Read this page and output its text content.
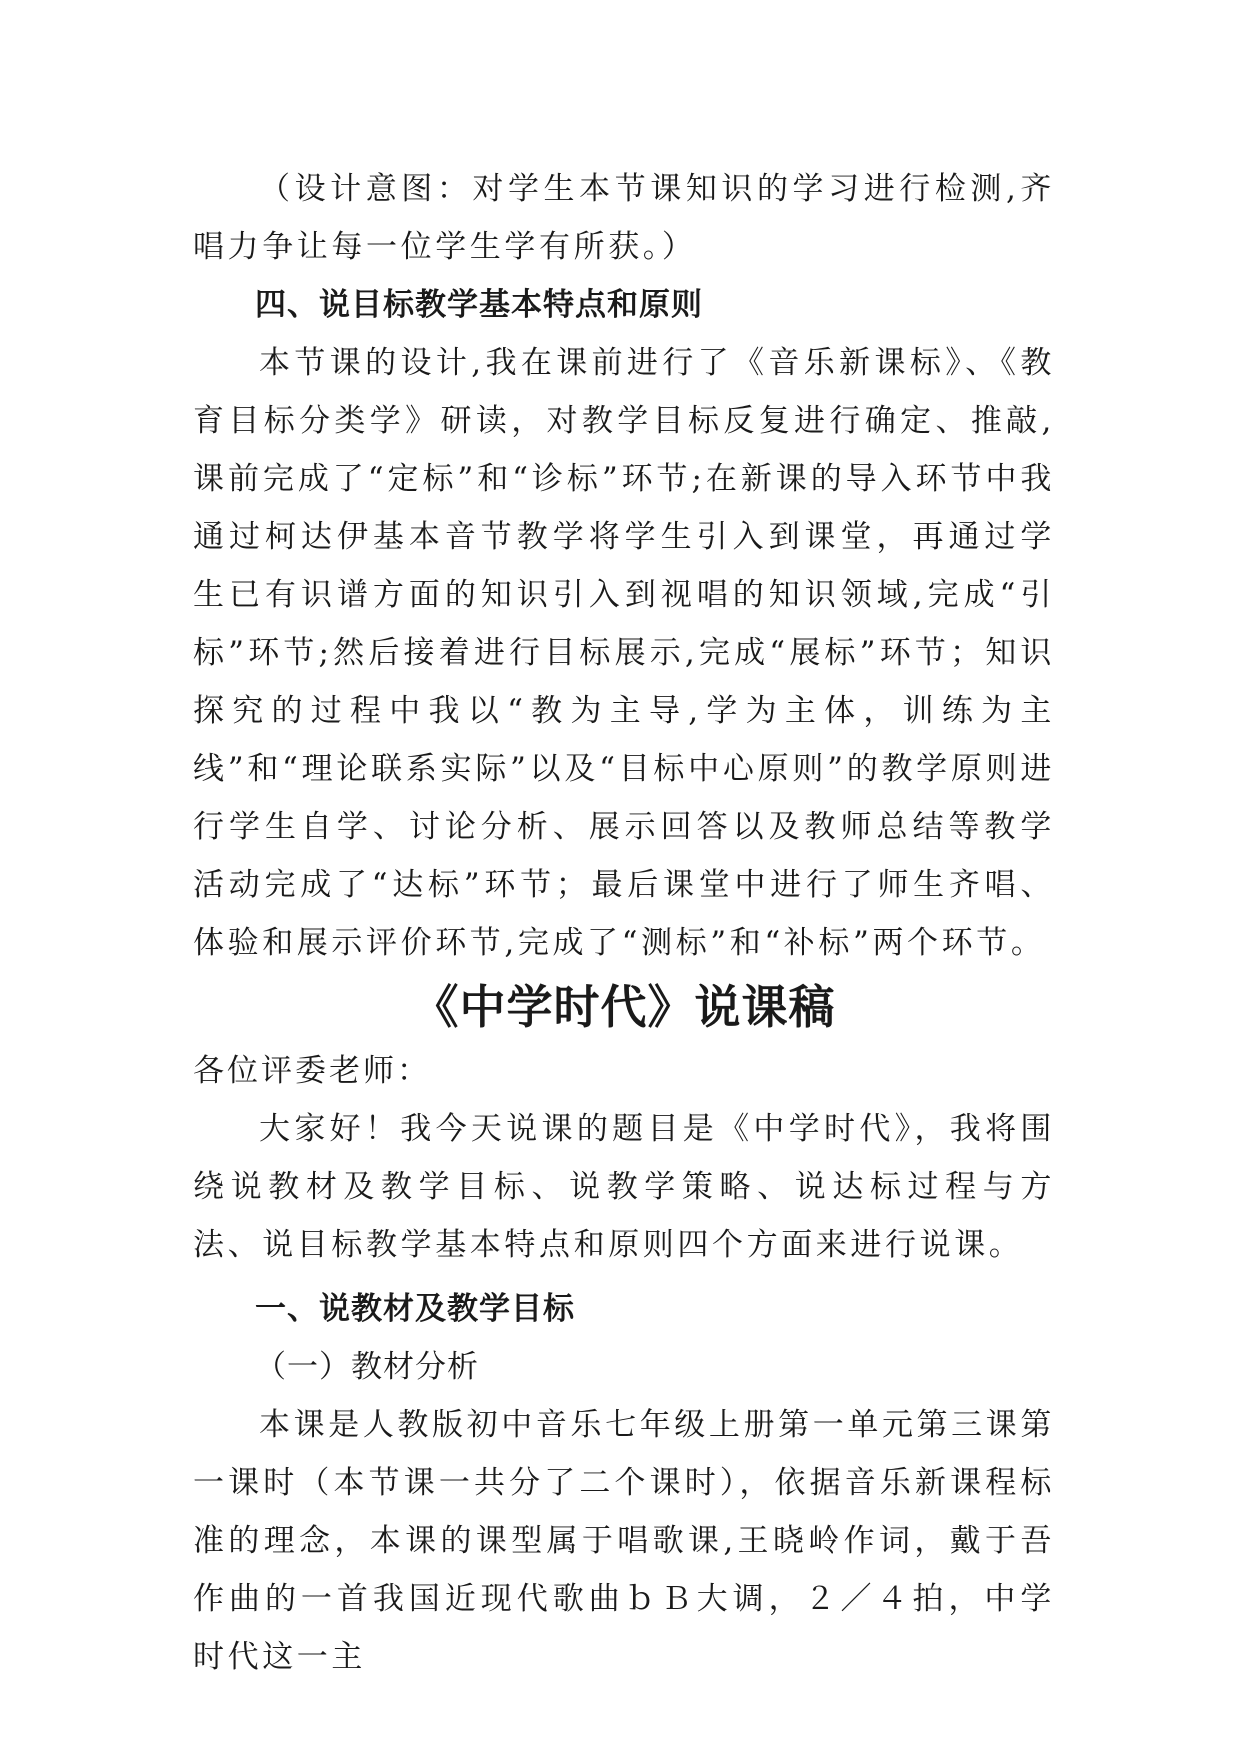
（设计意图：对学生本节课知识的学习进行检测,齐唱力争让每一位学生学有所获。）

四、说目标教学基本特点和原则

本节课的设计,我在课前进行了《音乐新课标》、《教育目标分类学》研读，对教学目标反复进行确定、推敲,课前完成了“定标”和“诊标”环节;在新课的导入环节中我通过柯达伊基本音节教学将学生引入到课堂，再通过学生已有识谱方面的知识引入到视唱的知识领域,完成“引标”环节;然后接着进行目标展示,完成“展标”环节；知识探究的过程中我以“教为主导,学为主体，训练为主线”和“理论联系实际”以及“目标中心原则”的教学原则进行学生自学、讨论分析、展示回答以及教师总结等教学活动完成了“达标”环节；最后课堂中进行了师生齐唱、体验和展示评价环节,完成了“测标”和“补标”两个环节。

《中学时代》说课稿

各位评委老师：

大家好！我今天说课的题目是《中学时代》，我将围绕说教材及教学目标、说教学策略、说达标过程与方法、说目标教学基本特点和原则四个方面来进行说课。

一、说教材及教学目标
（一）教材分析

本课是人教版初中音乐七年级上册第一单元第三课第一课时（本节课一共分了二个课时），依据音乐新课程标准的理念，本课的课型属于唱歌课,王晓岭作词，戴于吾作曲的一首我国近现代歌曲ｂＢ大调，２／４拍，中学时代这一主
